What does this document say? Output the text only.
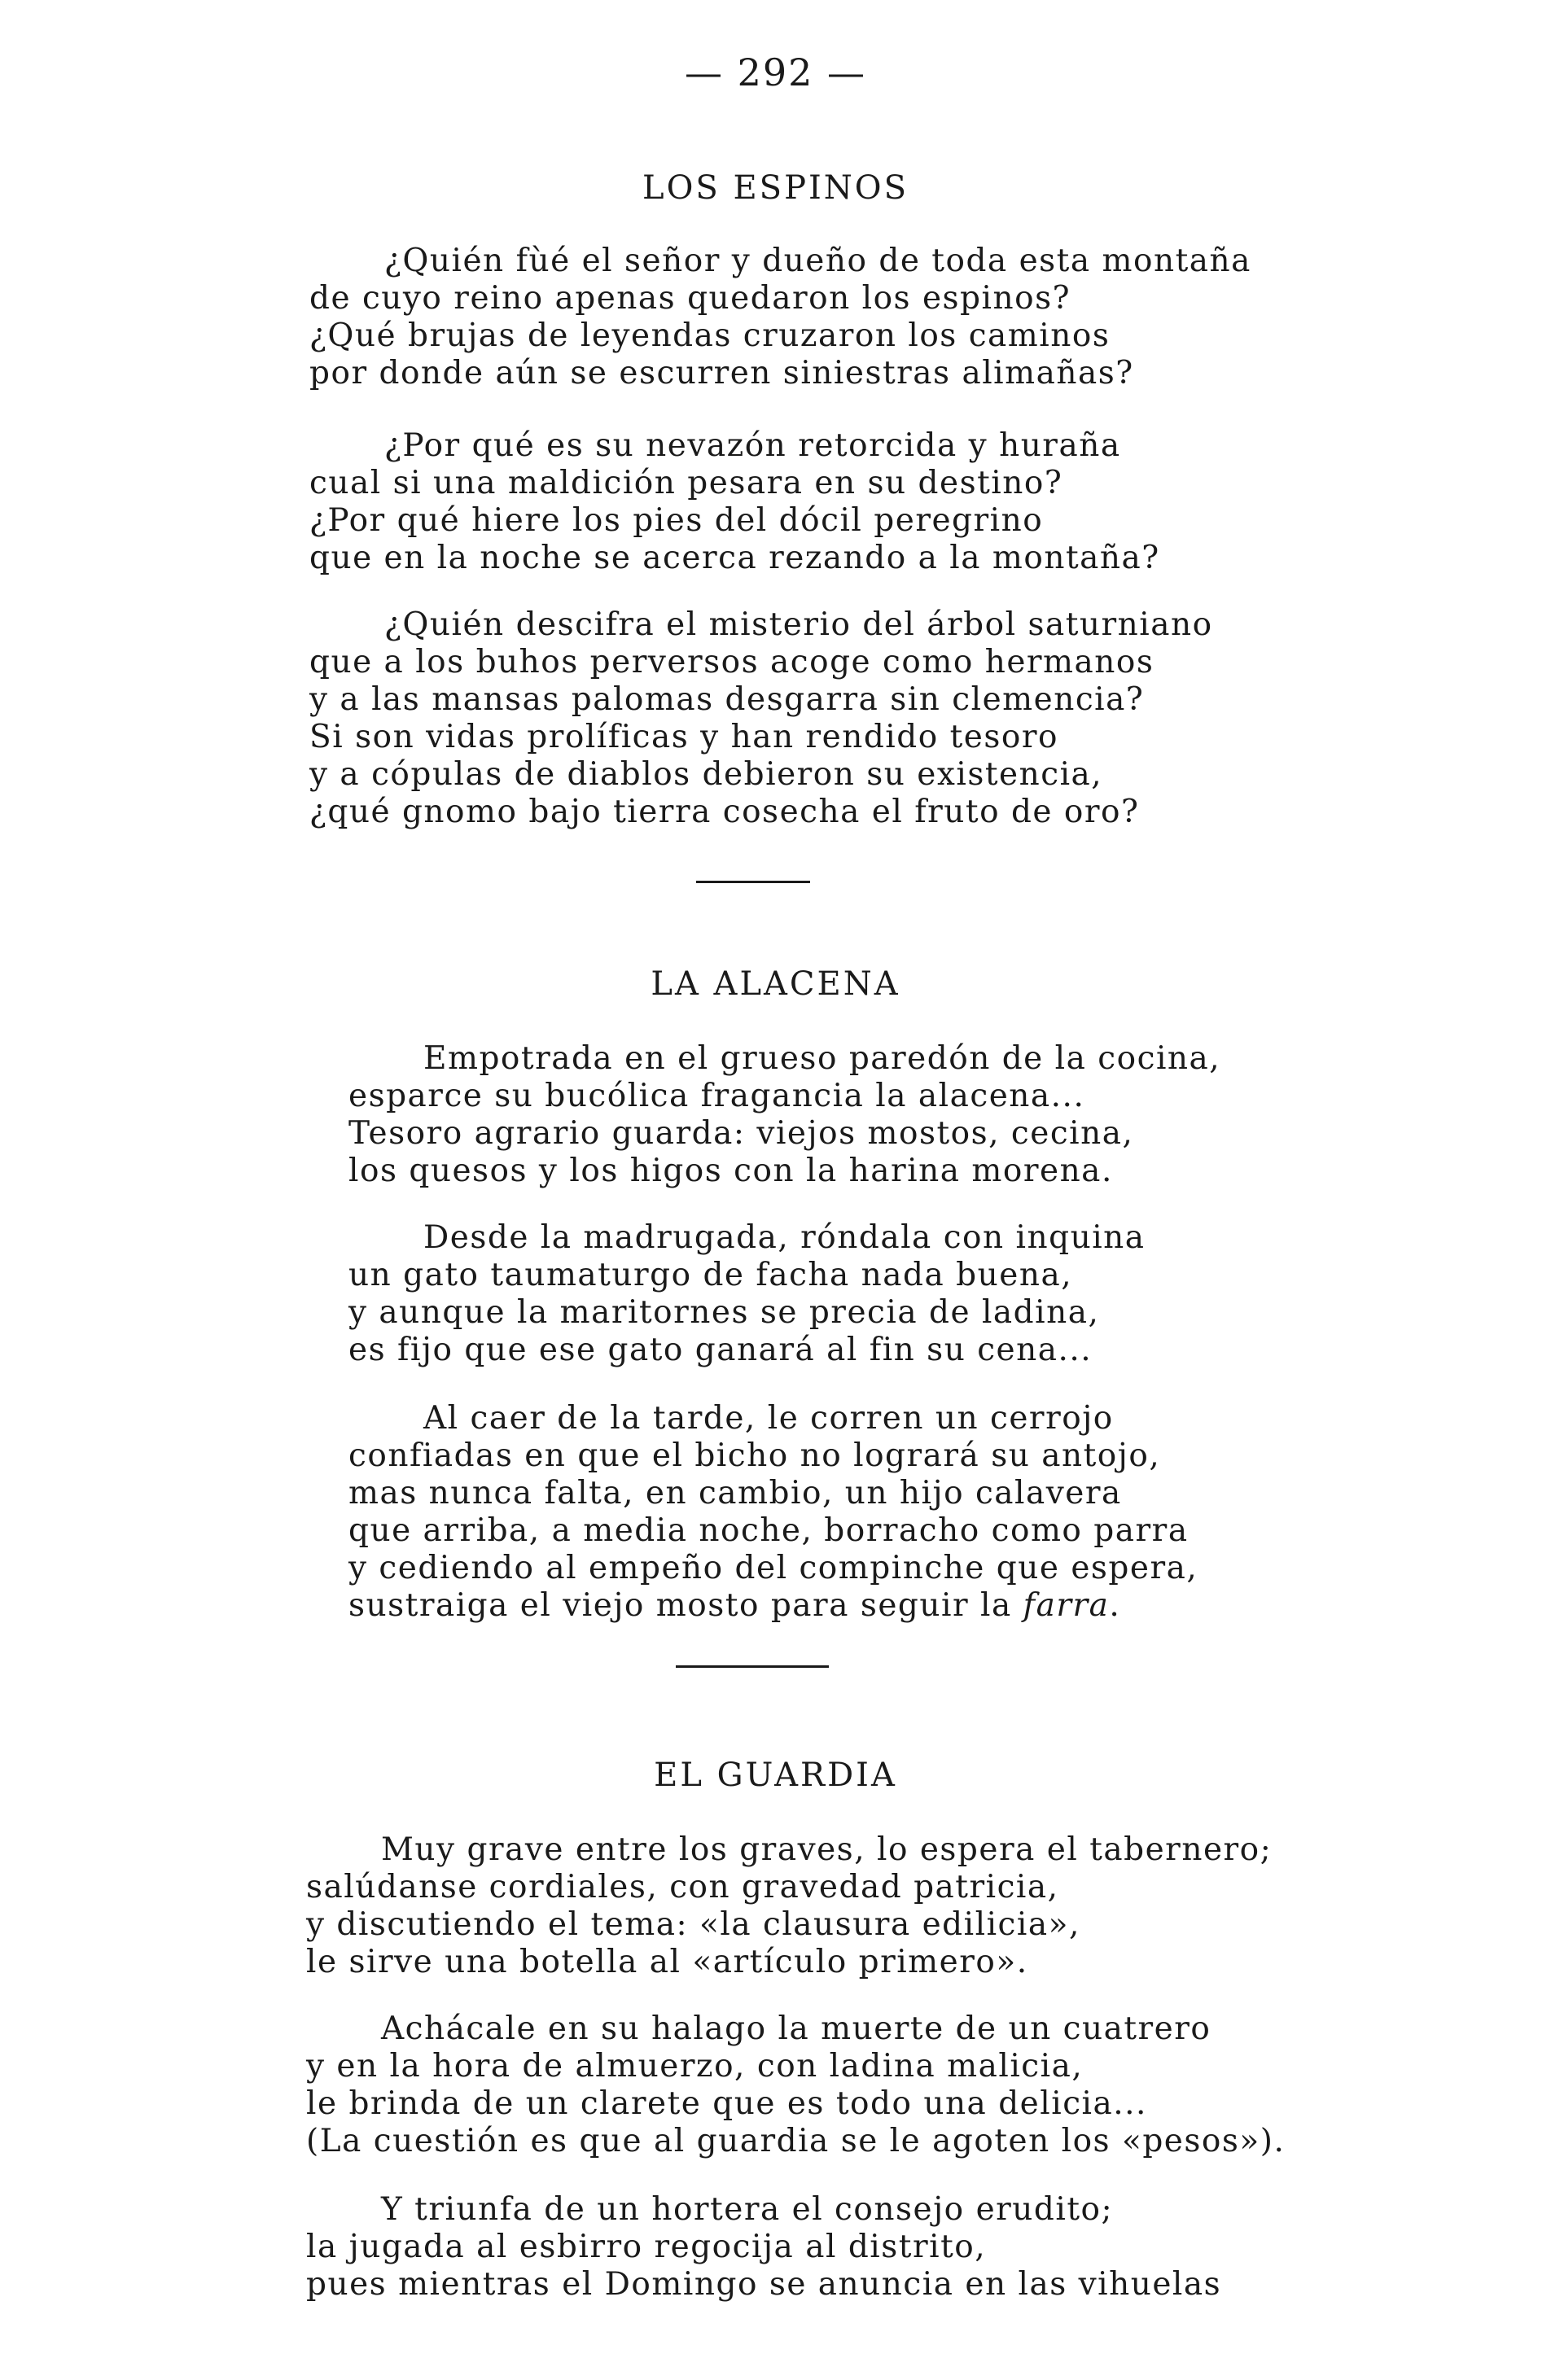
— 292 —
LOS ESPINOS
¿Quién fùé el señor y dueño de toda esta montaña
de cuyo reino apenas quedaron los espinos?
¿Qué brujas de leyendas cruzaron los caminos
por donde aún se escurren siniestras alimañas?
¿Por qué es su nevazón retorcida y huraña
cual si una maldición pesara en su destino?
¿Por qué hiere los pies del dócil peregrino
que en la noche se acerca rezando a la montaña?
¿Quién descifra el misterio del árbol saturniano
que a los buhos perversos acoge como hermanos
y a las mansas palomas desgarra sin clemencia?
Si son vidas prolíficas y han rendido tesoro
y a cópulas de diablos debieron su existencia,
¿qué gnomo bajo tierra cosecha el fruto de oro?
LA ALACENA
Empotrada en el grueso paredón de la cocina,
esparce su bucólica fragancia la alacena...
Tesoro agrario guarda: viejos mostos, cecina,
los quesos y los higos con la harina morena.
Desde la madrugada, róndala con inquina
un gato taumaturgo de facha nada buena,
y aunque la maritornes se precia de ladina,
es fijo que ese gato ganará al fin su cena...
Al caer de la tarde, le corren un cerrojo
confiadas en que el bicho no logrará su antojo,
mas nunca falta, en cambio, un hijo calavera
que arriba, a media noche, borracho como parra
y cediendo al empeño del compinche que espera,
sustraiga el viejo mosto para seguir la farra.
EL GUARDIA
Muy grave entre los graves, lo espera el tabernero;
salúdanse cordiales, con gravedad patricia,
y discutiendo el tema: «la clausura edilicia»,
le sirve una botella al «artículo primero».
Achácale en su halago la muerte de un cuatrero
y en la hora de almuerzo, con ladina malicia,
le brinda de un clarete que es todo una delicia...
(La cuestión es que al guardia se le agoten los «pesos»).
Y triunfa de un hortera el consejo erudito;
la jugada al esbirro regocija al distrito,
pues mientras el Domingo se anuncia en las vihuelas
